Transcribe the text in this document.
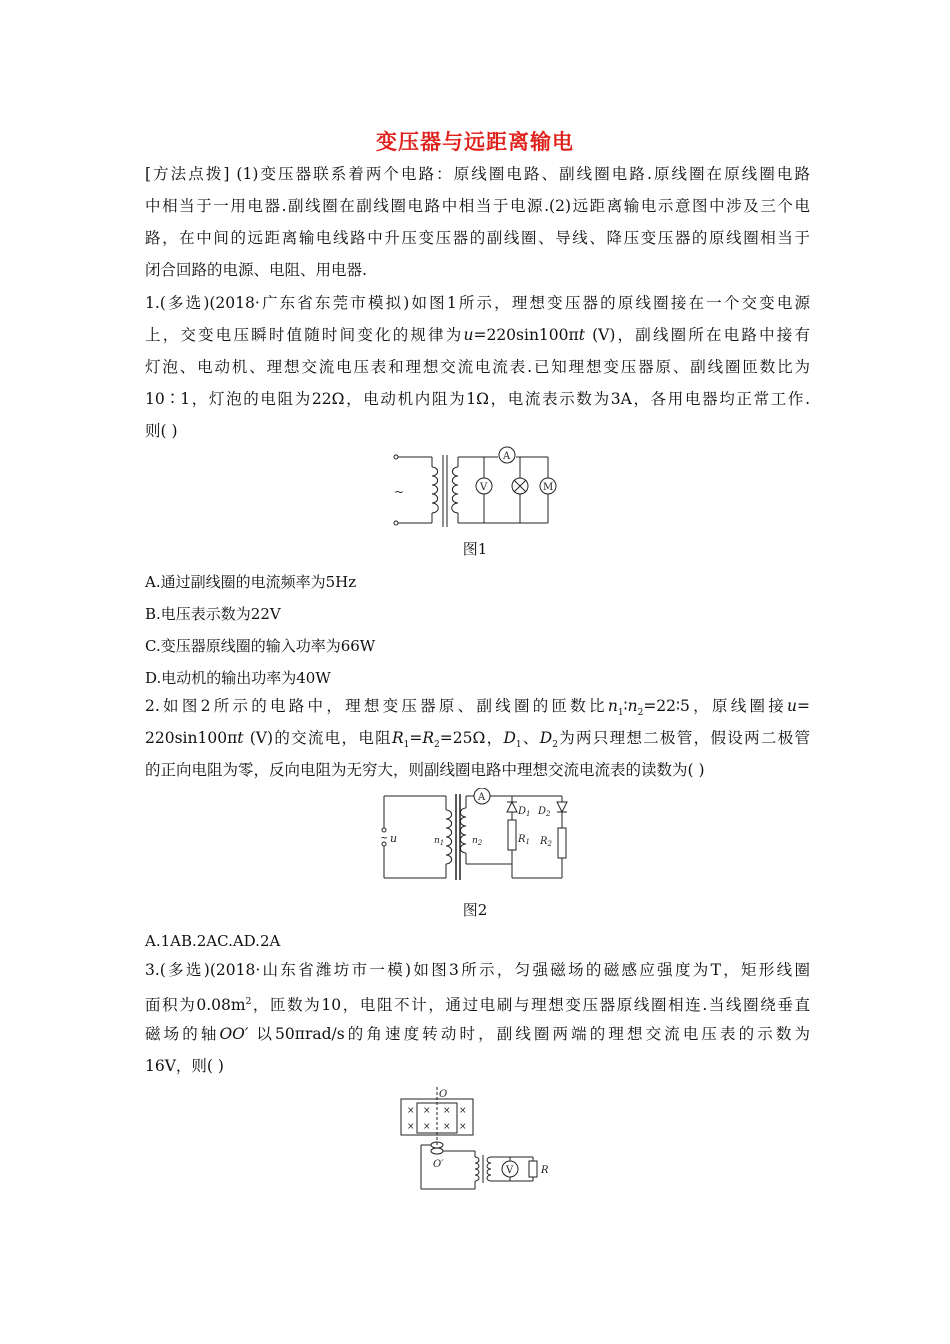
变压器与远距离输电
[方法点拨] (1)变压器联系着两个电路：原线圈电路、副线圈电路.原线圈在原线圈电路
中相当于一用电器.副线圈在副线圈电路中相当于电源.(2)远距离输电示意图中涉及三个电
路，在中间的远距离输电线路中升压变压器的副线圈、导线、降压变压器的原线圈相当于
闭合回路的电源、电阻、用电器.
1.(多选)(2018·广东省东莞市模拟)如图1所示，理想变压器的原线圈接在一个交变电源
上，交变电压瞬时值随时间变化的规律为u=220sin100πt (V)，副线圈所在电路中接有
灯泡、电动机、理想交流电压表和理想交流电流表.已知理想变压器原、副线圈匝数比为
10∶1，灯泡的电阻为22Ω，电动机内阻为1Ω，电流表示数为3A，各用电器均正常工作.
则( )
~
A
V	M
图1
A.通过副线圈的电流频率为5Hz
B.电压表示数为22V
C.变压器原线圈的输入功率为66W
D.电动机的输出功率为40W
2.如图2所示的电路中，理想变压器原、副线圈的匝数比$n_1∶n_2=22∶5$，原线圈接u=
220sin100πt (V)的交流电，电阻$R_1=R_2=25\Omega$，$D_1$、$D_2$为两只理想二极管，假设两二极管
的正向电阻为零，反向电阻为无穷大，则副线圈电路中理想交流电流表的读数为( )
~ u	$n_1$	$n_2$
A
$D_1$
$R_1$
$D_2$
$R_2$
图2
A.1AB.2AC.AD.2A
3.(多选)(2018·山东省潍坊市一模)如图3所示，匀强磁场的磁感应强度为T，矩形线圈
面积为$0.08m^2$，匝数为10，电阻不计，通过电刷与理想变压器原线圈相连.当线圈绕垂直
磁场的轴OO′ 以50πrad/s的角速度转动时，副线圈两端的理想交流电压表的示数为
16V，则( )
O
× × × ×
× × × ×
O′
V	R
